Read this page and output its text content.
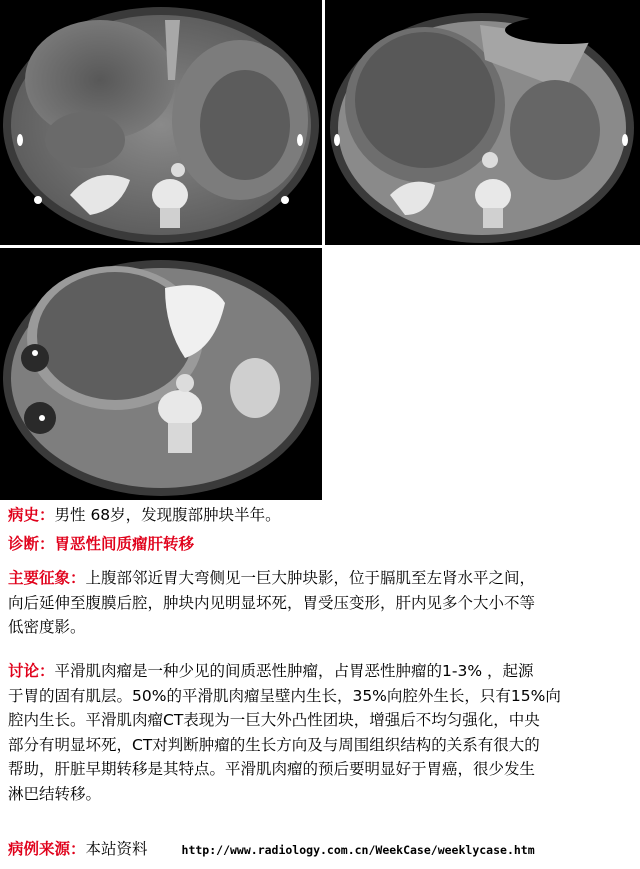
病史：男性 68岁，发现腹部肿块半年。
诊断：胃恶性间质瘤肝转移
主要征象：上腹部邻近胃大弯侧见一巨大肿块影，位于膈肌至左肾水平之间，
向后延伸至腹膜后腔，肿块内见明显坏死，胃受压变形，肝内见多个大小不等
低密度影。
讨论：平滑肌肉瘤是一种少见的间质恶性肿瘤，占胃恶性肿瘤的1-3% ，起源
于胃的固有肌层。50%的平滑肌肉瘤呈壁内生长，35%向腔外生长，只有15%向
腔内生长。平滑肌肉瘤CT表现为一巨大外凸性团块，增强后不均匀强化，中央
部分有明显坏死，CT对判断肿瘤的生长方向及与周围组织结构的关系有很大的
帮助，肝脏早期转移是其特点。平滑肌肉瘤的预后要明显好于胃癌，很少发生
淋巴结转移。
病例来源：本站资料	http://www.radiology.com.cn/WeekCase/weeklycase.htm
